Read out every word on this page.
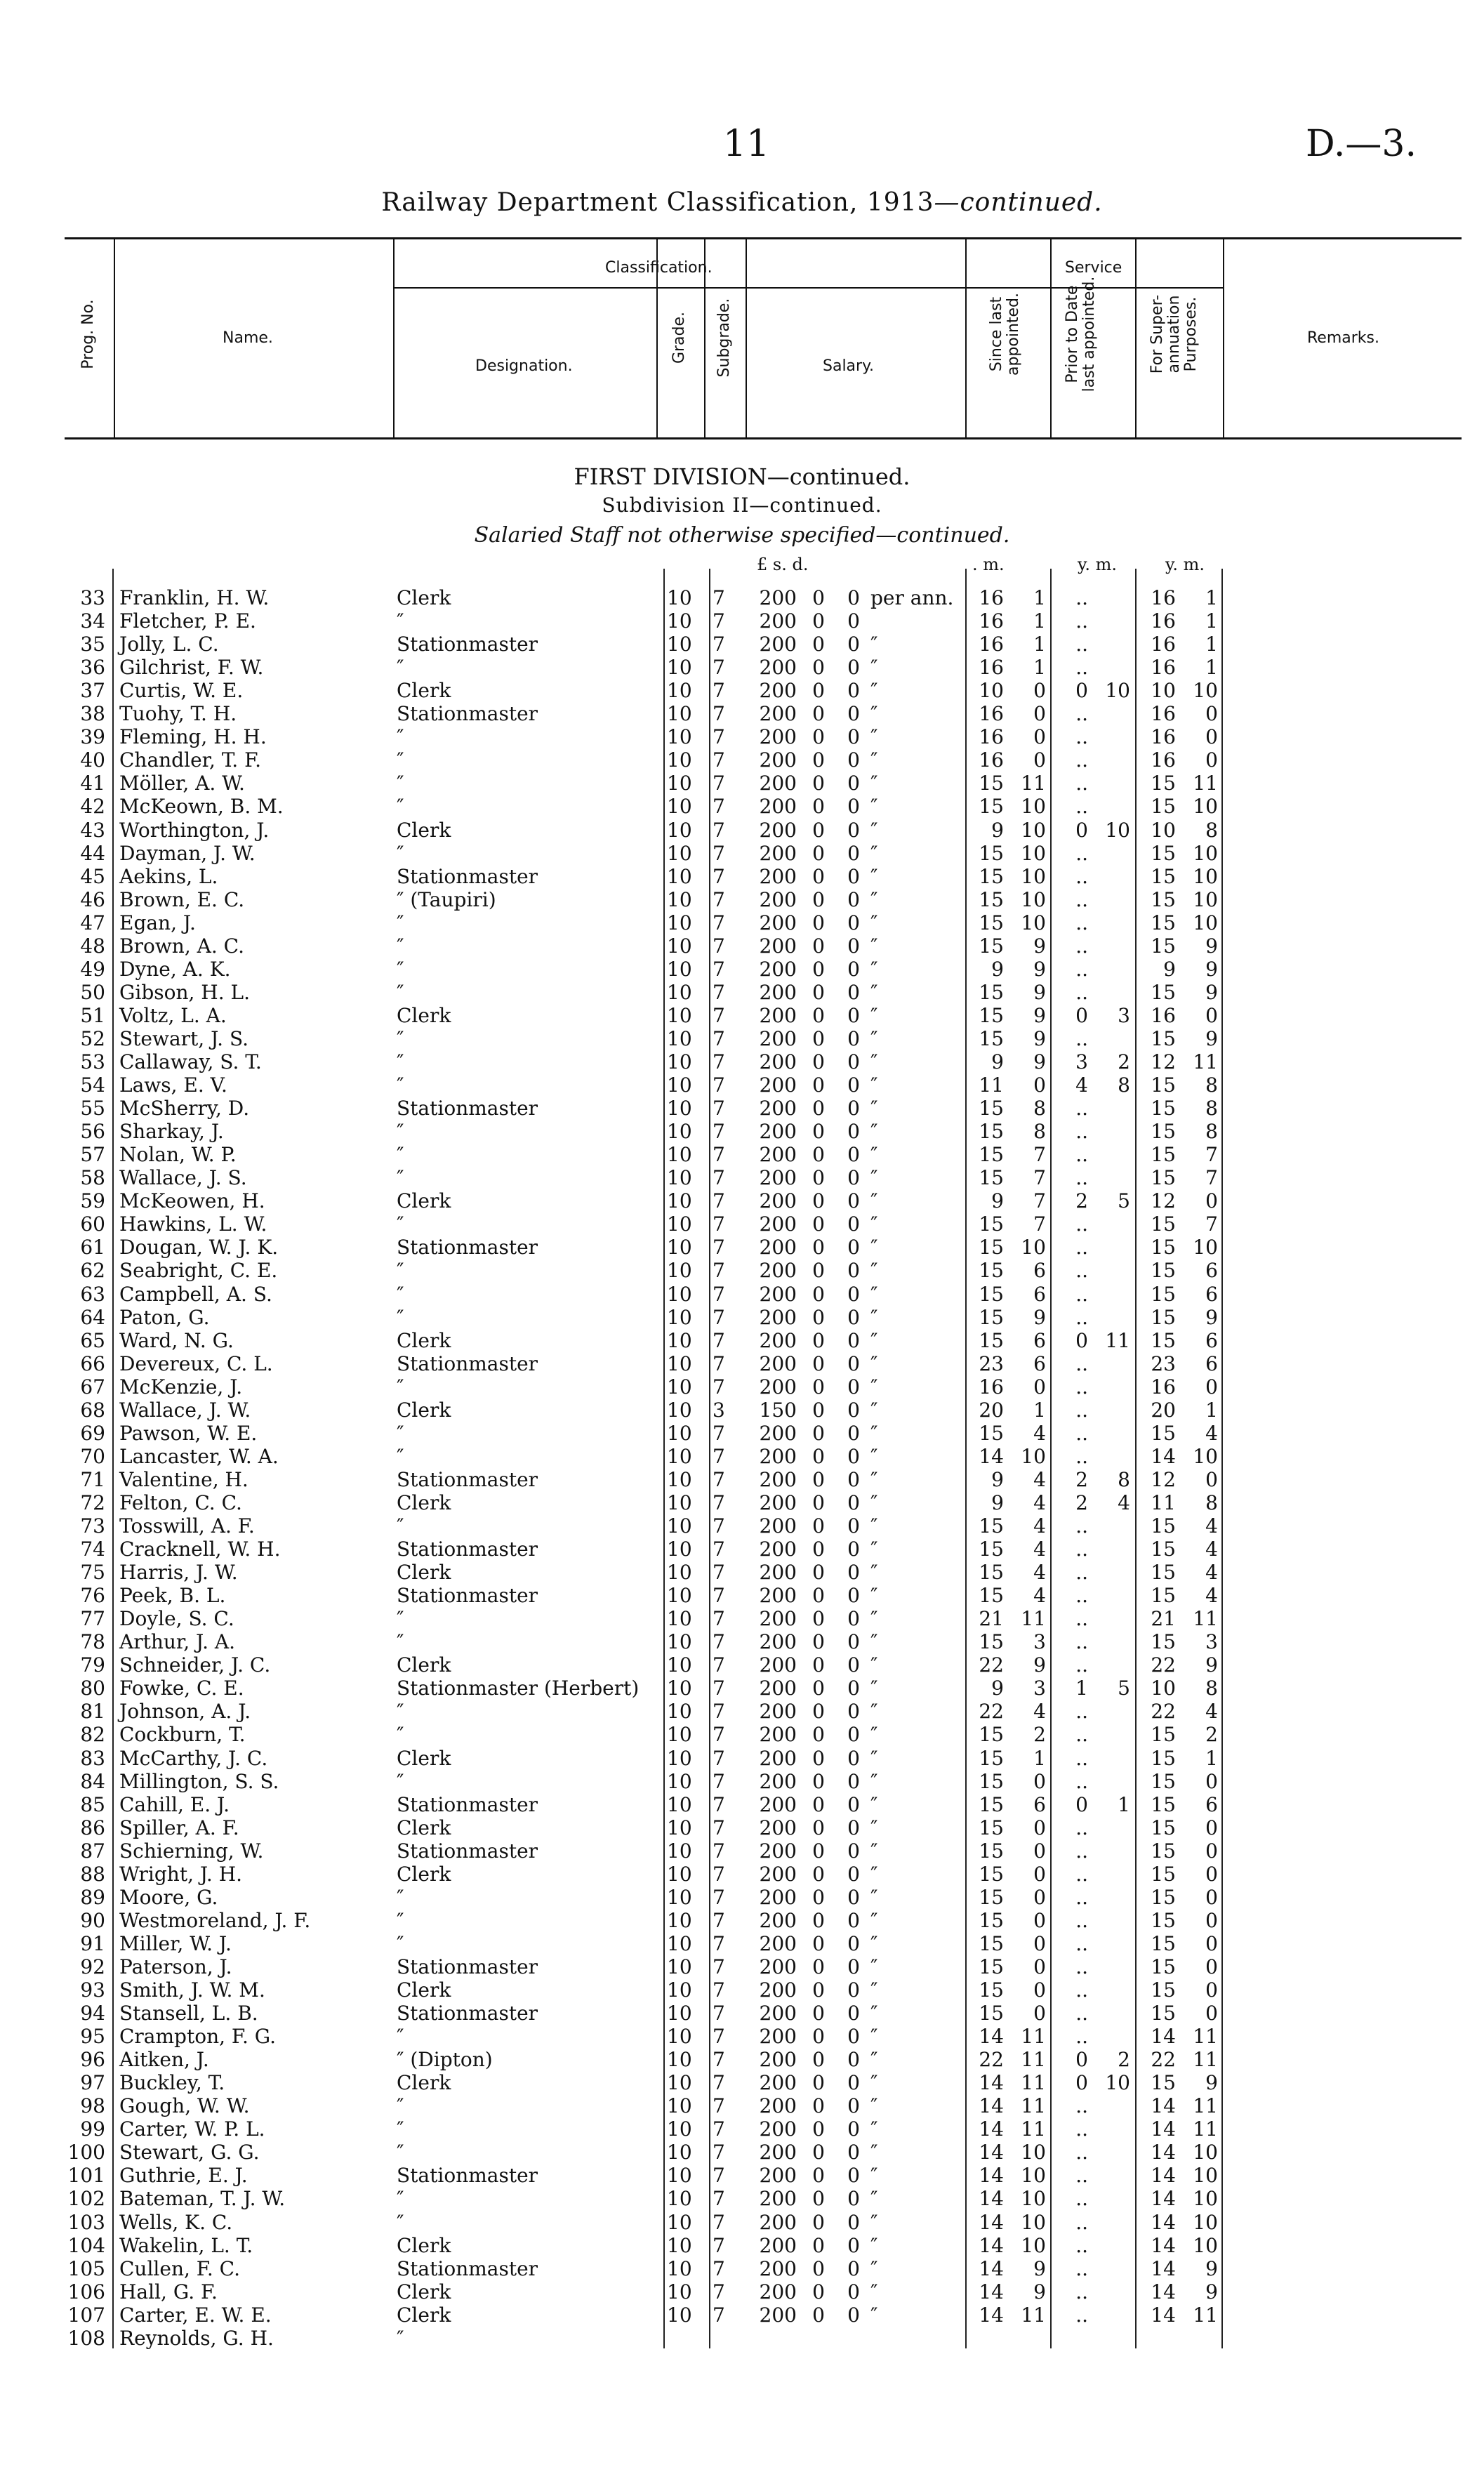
11	D.—3.
Railway Department Classification, 1913—continued.
Prog. No.	Name.
Classification.
Designation.
Grade. Subgrade.	Salary.
Service
Since last appointed.	Prior to Date last appointed.	For Super-annuation Purposes.	Remarks.
FIRST DIVISION—continued.
Subdivision II—continued.
Salaried Staff not otherwise specified—continued.
£ s. d.	. m.	y. m.	y. m.
33 Franklin, H. W.	Clerk	10 7	200 0	0 per ann.	16	1	..	16	1
34 Fletcher, P. E.	″	10 7	200 0	0	16	1	..	16	1
35 Jolly, L. C.	Stationmaster	10 7	200 0	0 ″	16	1	..	16	1
36 Gilchrist, F. W.	″	10 7	200 0	0 ″	16	1	..	16	1
37 Curtis, W. E.	Clerk	10 7	200 0	0 ″	10	0	0 10	10 10
38 Tuohy, T. H.	Stationmaster	10 7	200 0	0 ″	16	0	..	16	0
39 Fleming, H. H.	″	10 7	200 0	0 ″	16	0	..	16	0
40 Chandler, T. F.	″	10 7	200 0	0 ″	16	0	..	16	0
41 Möller, A. W.	″	10 7	200 0	0 ″	15 11	..	15 11
42 McKeown, B. M.	″	10 7	200 0	0 ″	15 10	..	15 10
43 Worthington, J.	Clerk	10 7	200 0	0 ″	9 10	0 10	10	8
44 Dayman, J. W.	″	10 7	200 0	0 ″	15 10	..	15 10
45 Aekins, L.	Stationmaster	10 7	200 0	0 ″	15 10	..	15 10
46 Brown, E. C.	″ (Taupiri)	10 7	200 0	0 ″	15 10	..	15 10
47 Egan, J.	″	10 7	200 0	0 ″	15 10	..	15 10
48 Brown, A. C.	″	10 7	200 0	0 ″	15	9	..	15	9
49 Dyne, A. K.	″	10 7	200 0	0 ″	9	9	..	9	9
50 Gibson, H. L.	″	10 7	200 0	0 ″	15	9	..	15	9
51 Voltz, L. A.	Clerk	10 7	200 0	0 ″	15	9	0	3	16	0
52 Stewart, J. S.	″	10 7	200 0	0 ″	15	9	..	15	9
53 Callaway, S. T.	″	10 7	200 0	0 ″	9	9	3	2	12 11
54 Laws, E. V.	″	10 7	200 0	0 ″	11	0	4	8	15	8
55 McSherry, D.	Stationmaster	10 7	200 0	0 ″	15	8	..	15	8
56 Sharkay, J.	″	10 7	200 0	0 ″	15	8	..	15	8
57 Nolan, W. P.	″	10 7	200 0	0 ″	15	7	..	15	7
58 Wallace, J. S.	″	10 7	200 0	0 ″	15	7	..	15	7
59 McKeowen, H.	Clerk	10 7	200 0	0 ″	9	7	2	5	12	0
60 Hawkins, L. W.	″	10 7	200 0	0 ″	15	7	..	15	7
61 Dougan, W. J. K.	Stationmaster	10 7	200 0	0 ″	15 10	..	15 10
62 Seabright, C. E.	″	10 7	200 0	0 ″	15	6	..	15	6
63 Campbell, A. S.	″	10 7	200 0	0 ″	15	6	..	15	6
64 Paton, G.	″	10 7	200 0	0 ″	15	9	..	15	9
65 Ward, N. G.	Clerk	10 7	200 0	0 ″	15	6	0 11	15	6
66 Devereux, C. L.	Stationmaster	10 7	200 0	0 ″	23	6	..	23	6
67 McKenzie, J.	″	10 7	200 0	0 ″	16	0	..	16	0
68 Wallace, J. W.	Clerk	10 3	150 0	0 ″	20	1	..	20	1
69 Pawson, W. E.	″	10 7	200 0	0 ″	15	4	..	15	4
70 Lancaster, W. A.	″	10 7	200 0	0 ″	14 10	..	14 10
71 Valentine, H.	Stationmaster	10 7	200 0	0 ″	9	4	2	8	12	0
72 Felton, C. C.	Clerk	10 7	200 0	0 ″	9	4	2	4	11	8
73 Tosswill, A. F.	″	10 7	200 0	0 ″	15	4	..	15	4
74 Cracknell, W. H.	Stationmaster	10 7	200 0	0 ″	15	4	..	15	4
75 Harris, J. W.	Clerk	10 7	200 0	0 ″	15	4	..	15	4
76 Peek, B. L.	Stationmaster	10 7	200 0	0 ″	15	4	..	15	4
77 Doyle, S. C.	″	10 7	200 0	0 ″	21 11	..	21 11
78 Arthur, J. A.	″	10 7	200 0	0 ″	15	3	..	15	3
79 Schneider, J. C.	Clerk	10 7	200 0	0 ″	22	9	..	22	9
80 Fowke, C. E.	Stationmaster (Herbert)	10 7	200 0	0 ″	9	3	1	5	10	8
81 Johnson, A. J.	″	10 7	200 0	0 ″	22	4	..	22	4
82 Cockburn, T.	″	10 7	200 0	0 ″	15	2	..	15	2
83 McCarthy, J. C.	Clerk	10 7	200 0	0 ″	15	1	..	15	1
84 Millington, S. S.	″	10 7	200 0	0 ″	15	0	..	15	0
85 Cahill, E. J.	Stationmaster	10 7	200 0	0 ″	15	6	0	1	15	6
86 Spiller, A. F.	Clerk	10 7	200 0	0 ″	15	0	..	15	0
87 Schierning, W.	Stationmaster	10 7	200 0	0 ″	15	0	..	15	0
88 Wright, J. H.	Clerk	10 7	200 0	0 ″	15	0	..	15	0
89 Moore, G.	″	10 7	200 0	0 ″	15	0	..	15	0
90 Westmoreland, J. F.	″	10 7	200 0	0 ″	15	0	..	15	0
91 Miller, W. J.	″	10 7	200 0	0 ″	15	0	..	15	0
92 Paterson, J.	Stationmaster	10 7	200 0	0 ″	15	0	..	15	0
93 Smith, J. W. M.	Clerk	10 7	200 0	0 ″	15	0	..	15	0
94 Stansell, L. B.	Stationmaster	10 7	200 0	0 ″	15	0	..	15	0
95 Crampton, F. G.	″	10 7	200 0	0 ″	14 11	..	14 11
96 Aitken, J.	″ (Dipton)	10 7	200 0	0 ″	22 11	0	2	22 11
97 Buckley, T.	Clerk	10 7	200 0	0 ″	14 11	0 10	15	9
98 Gough, W. W.	″	10 7	200 0	0 ″	14 11	..	14 11
99 Carter, W. P. L.	″	10 7	200 0	0 ″	14 11	..	14 11
100 Stewart, G. G.	″	10 7	200 0	0 ″	14 10	..	14 10
101 Guthrie, E. J.	Stationmaster	10 7	200 0	0 ″	14 10	..	14 10
102 Bateman, T. J. W.	″	10 7	200 0	0 ″	14 10	..	14 10
103 Wells, K. C.	″	10 7	200 0	0 ″	14 10	..	14 10
104 Wakelin, L. T.	Clerk	10 7	200 0	0 ″	14 10	..	14 10
105 Cullen, F. C.	Stationmaster	10 7	200 0	0 ″	14	9	..	14	9
106 Hall, G. F.	Clerk	10 7	200 0	0 ″	14	9	..	14	9
107 Carter, E. W. E.	Clerk	10 7	200 0	0 ″	14 11	..	14 11
108 Reynolds, G. H.	″
